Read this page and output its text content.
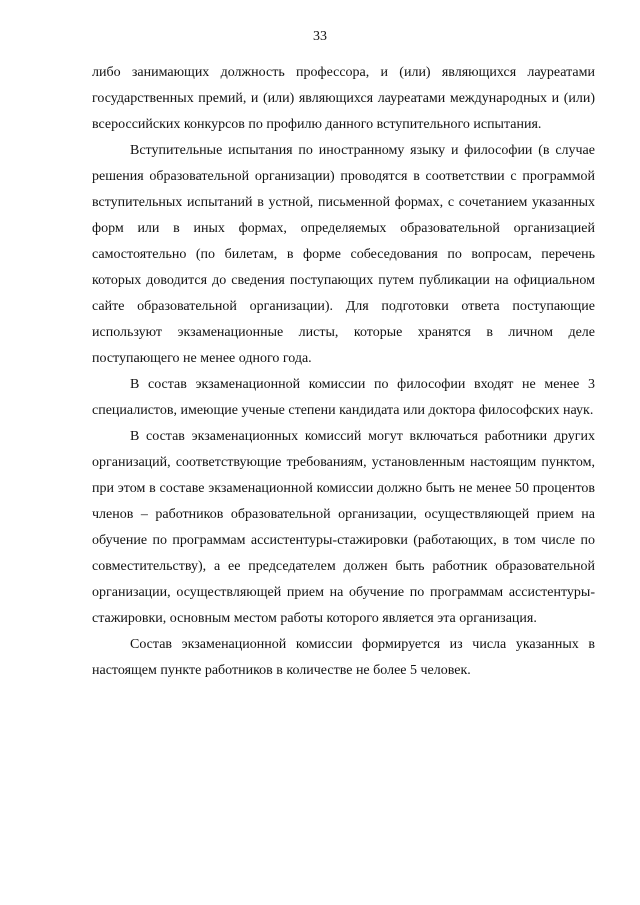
33

либо занимающих должность профессора, и (или) являющихся лауреатами государственных премий, и (или) являющихся лауреатами международных и (или) всероссийских конкурсов по профилю данного вступительного испытания.

Вступительные испытания по иностранному языку и философии (в случае решения образовательной организации) проводятся в соответствии с программой вступительных испытаний в устной, письменной формах, с сочетанием указанных форм или в иных формах, определяемых образовательной организацией самостоятельно (по билетам, в форме собеседования по вопросам, перечень которых доводится до сведения поступающих путем публикации на официальном сайте образовательной организации). Для подготовки ответа поступающие используют экзаменационные листы, которые хранятся в личном деле поступающего не менее одного года.

В состав экзаменационной комиссии по философии входят не менее 3 специалистов, имеющие ученые степени кандидата или доктора философских наук.

В состав экзаменационных комиссий могут включаться работники других организаций, соответствующие требованиям, установленным настоящим пунктом, при этом в составе экзаменационной комиссии должно быть не менее 50 процентов членов – работников образовательной организации, осуществляющей прием на обучение по программам ассистентуры-стажировки (работающих, в том числе по совместительству), а ее председателем должен быть работник образовательной организации, осуществляющей прием на обучение по программам ассистентуры-стажировки, основным местом работы которого является эта организация.

Состав экзаменационной комиссии формируется из числа указанных в настоящем пункте работников в количестве не более 5 человек.
